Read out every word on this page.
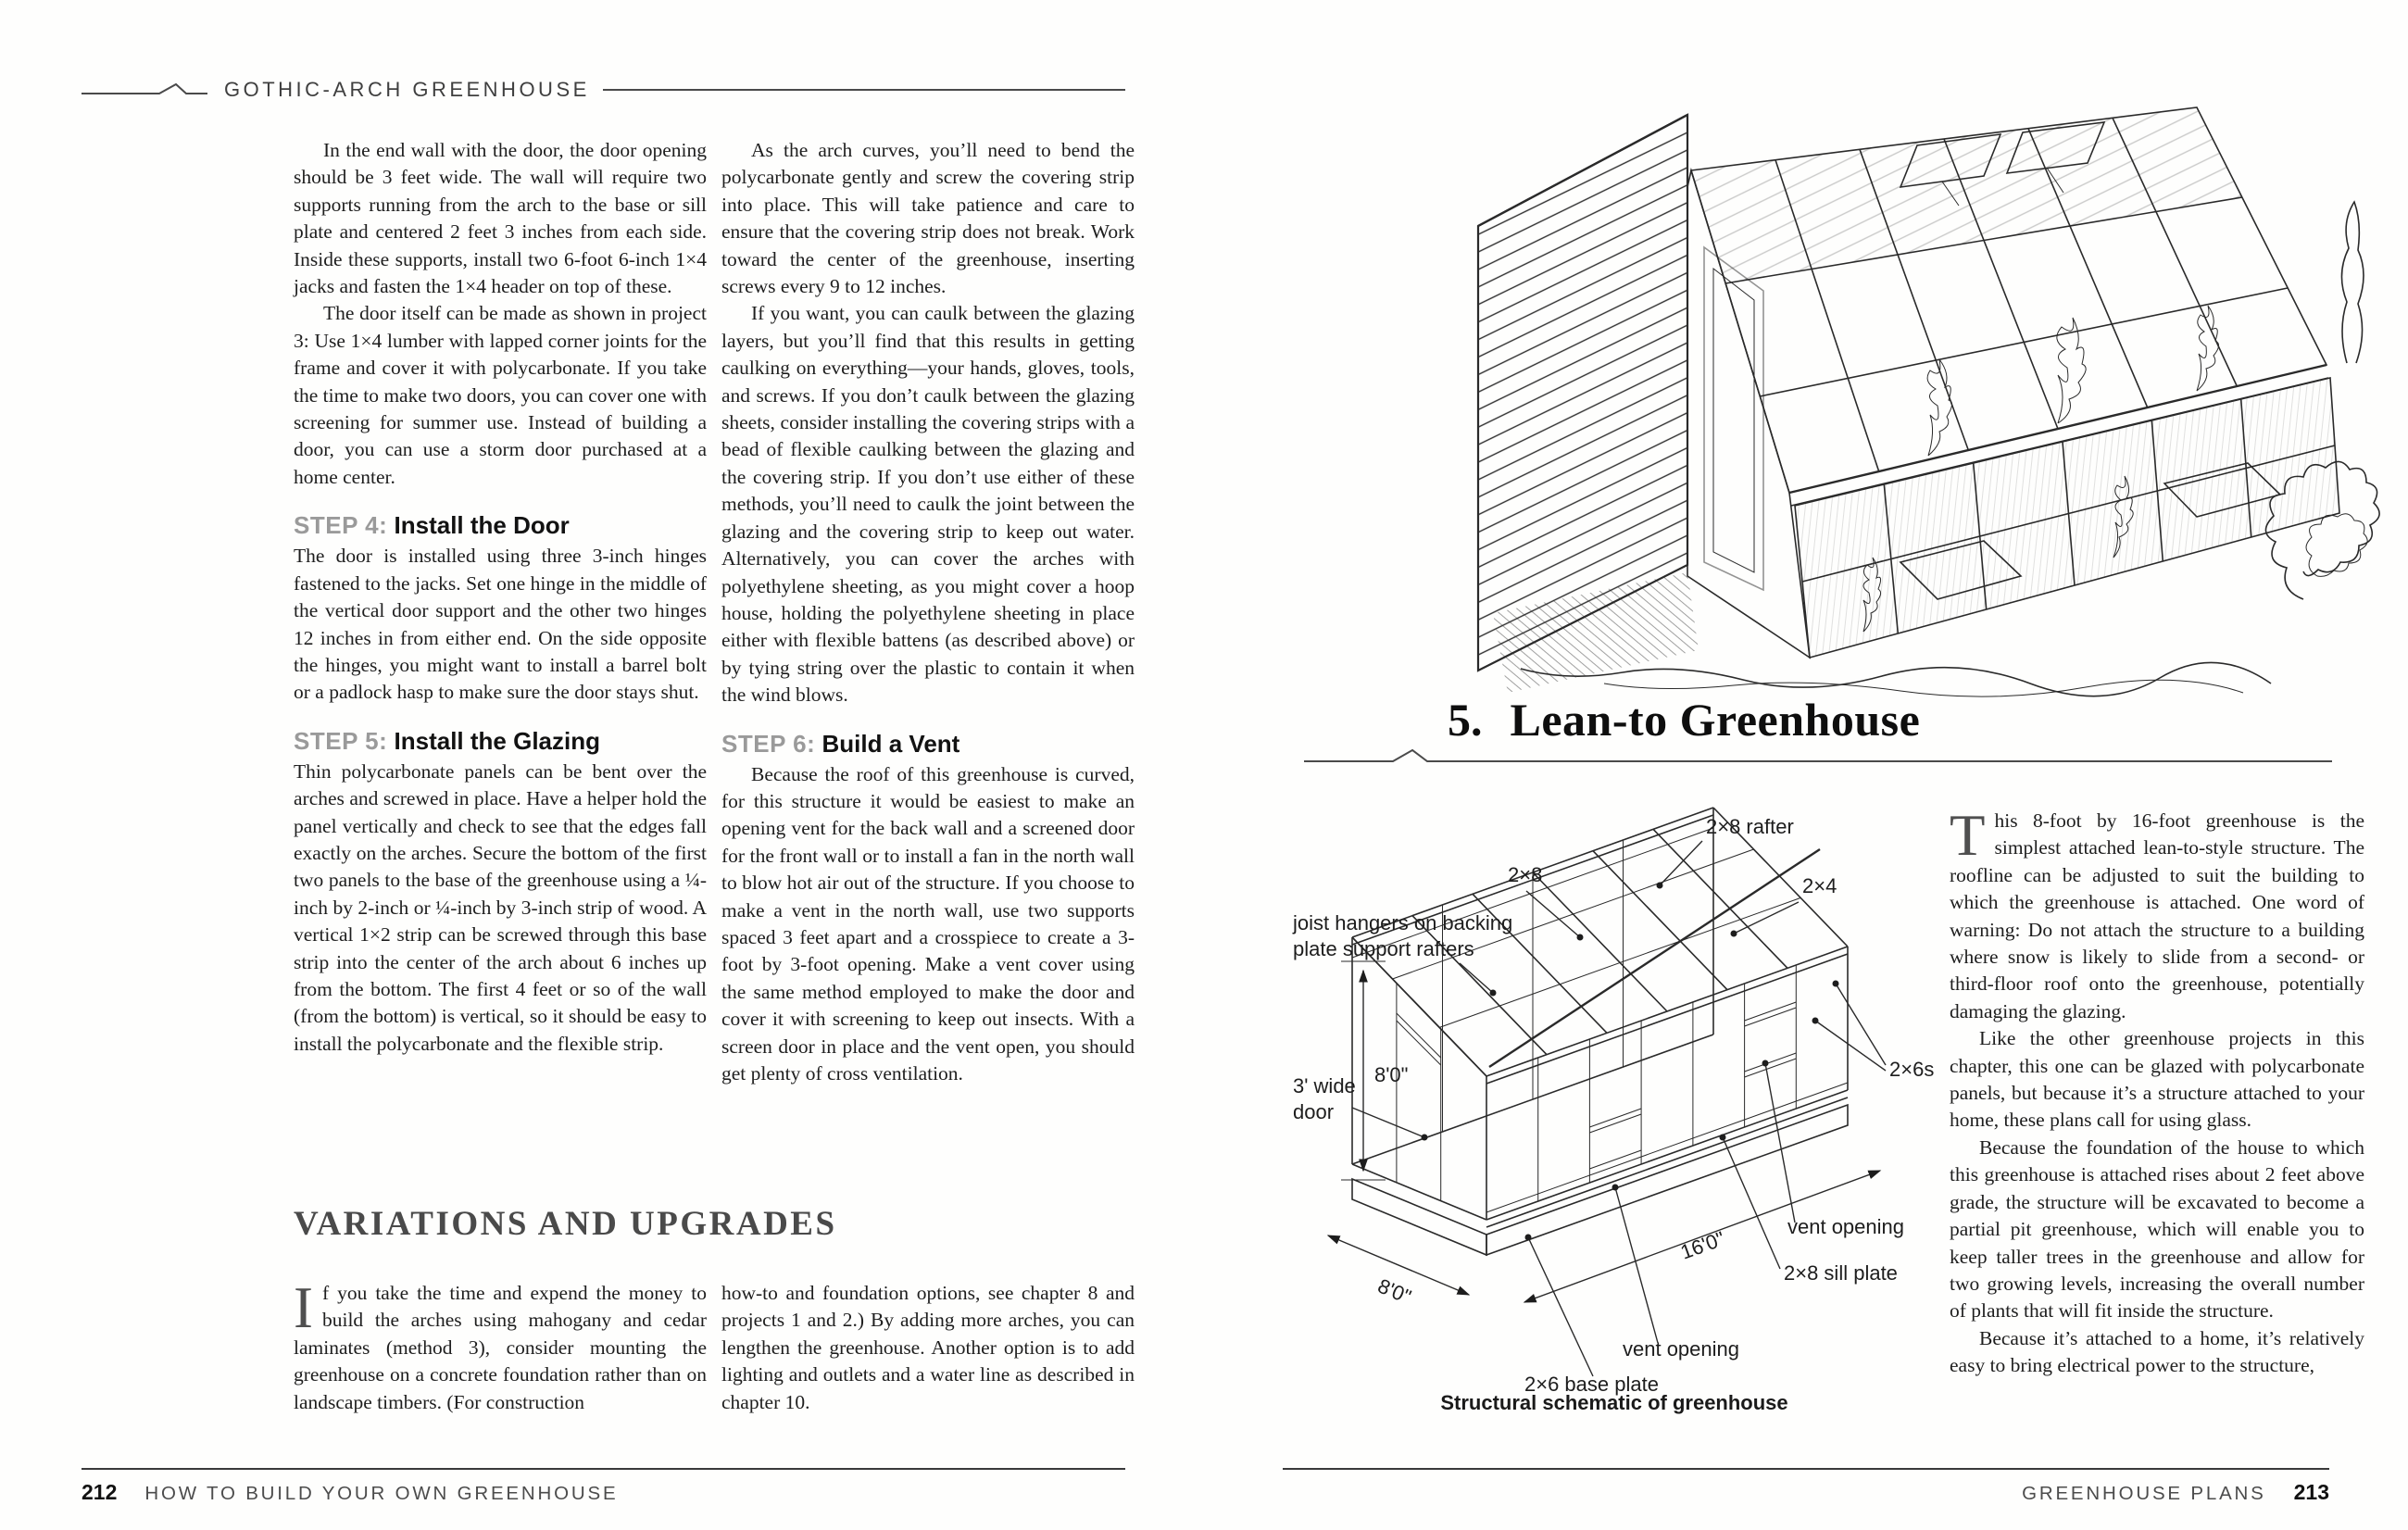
GOTHIC-ARCH GREENHOUSE

In the end wall with the door, the door opening should be 3 feet wide. The wall will require two supports running from the arch to the base or sill plate and centered 2 feet 3 inches from each side. Inside these supports, install two 6-foot 6-inch 1×4 jacks and fasten the 1×4 header on top of these.

The door itself can be made as shown in project 3: Use 1×4 lumber with lapped corner joints for the frame and cover it with polycarbonate. If you take the time to make two doors, you can cover one with screening for summer use. Instead of building a door, you can use a storm door purchased at a home center.

STEP 4: Install the Door

The door is installed using three 3-inch hinges fastened to the jacks. Set one hinge in the middle of the vertical door support and the other two hinges 12 inches in from either end. On the side opposite the hinges, you might want to install a barrel bolt or a padlock hasp to make sure the door stays shut.

STEP 5: Install the Glazing

Thin polycarbonate panels can be bent over the arches and screwed in place. Have a helper hold the panel vertically and check to see that the edges fall exactly on the arches. Secure the bottom of the first two panels to the base of the greenhouse using a ¼-inch by 2-inch or ¼-inch by 3-inch strip of wood. A vertical 1×2 strip can be screwed through this base strip into the center of the arch about 6 inches up from the bottom. The first 4 feet or so of the wall (from the bottom) is vertical, so it should be easy to install the polycarbonate and the flexible strip.

As the arch curves, you’ll need to bend the polycarbonate gently and screw the covering strip into place. This will take patience and care to ensure that the covering strip does not break. Work toward the center of the greenhouse, inserting screws every 9 to 12 inches.

If you want, you can caulk between the glazing layers, but you’ll find that this results in getting caulking on everything—your hands, gloves, tools, and screws. If you don’t caulk between the glazing sheets, consider installing the covering strips with a bead of flexible caulking between the glazing and the covering strip. If you don’t use either of these methods, you’ll need to caulk the joint between the glazing and the covering strip to keep out water. Alternatively, you can cover the arches with polyethylene sheeting, as you might cover a hoop house, holding the polyethylene sheeting in place either with flexible battens (as described above) or by tying string over the plastic to contain it when the wind blows.

STEP 6: Build a Vent

Because the roof of this greenhouse is curved, for this structure it would be easiest to make an opening vent for the back wall and a screened door for the front wall or to install a fan in the north wall to blow hot air out of the structure. If you choose to make a vent in the north wall, use two supports spaced 3 feet apart and a crosspiece to create a 3-foot by 3-foot opening. Make a vent cover using the same method employed to make the door and cover it with screening to keep out insects. With a screen door in place and the vent open, you should get plenty of cross ventilation.

VARIATIONS AND UPGRADES

If you take the time and expend the money to build the arches using mahogany and cedar laminates (method 3), consider mounting the greenhouse on a concrete foundation rather than on landscape timbers. (For construction

how-to and foundation options, see chapter 8 and projects 1 and 2.) By adding more arches, you can lengthen the greenhouse. Another option is to add lighting and outlets and a water line as described in chapter 10.

212 HOW TO BUILD YOUR OWN GREENHOUSE
5. Lean-to Greenhouse
8'0"
8'0"
16'0"
2×8 rafter
2×8	2×4
joist hangers on backing
plate support rafters
2×6s
3' wide
door
vent opening
2×8 sill plate
vent opening
2×6 base plate
Structural schematic of greenhouse

This 8-foot by 16-foot greenhouse is the simplest attached lean-to-style structure. The roofline can be adjusted to suit the building to which the greenhouse is attached. One word of warning: Do not attach the structure to a building where snow is likely to slide from a second- or third-floor roof onto the greenhouse, potentially damaging the glazing.

Like the other greenhouse projects in this chapter, this one can be glazed with polycarbonate panels, but because it’s a structure attached to your home, these plans call for using glass.

Because the foundation of the house to which this greenhouse is attached rises about 2 feet above grade, the structure will be excavated to become a partial pit greenhouse, which will enable you to keep taller trees in the greenhouse and allow for two growing levels, increasing the overall number of plants that will fit inside the structure.

Because it’s attached to a home, it’s relatively easy to bring electrical power to the structure,

GREENHOUSE PLANS 213
